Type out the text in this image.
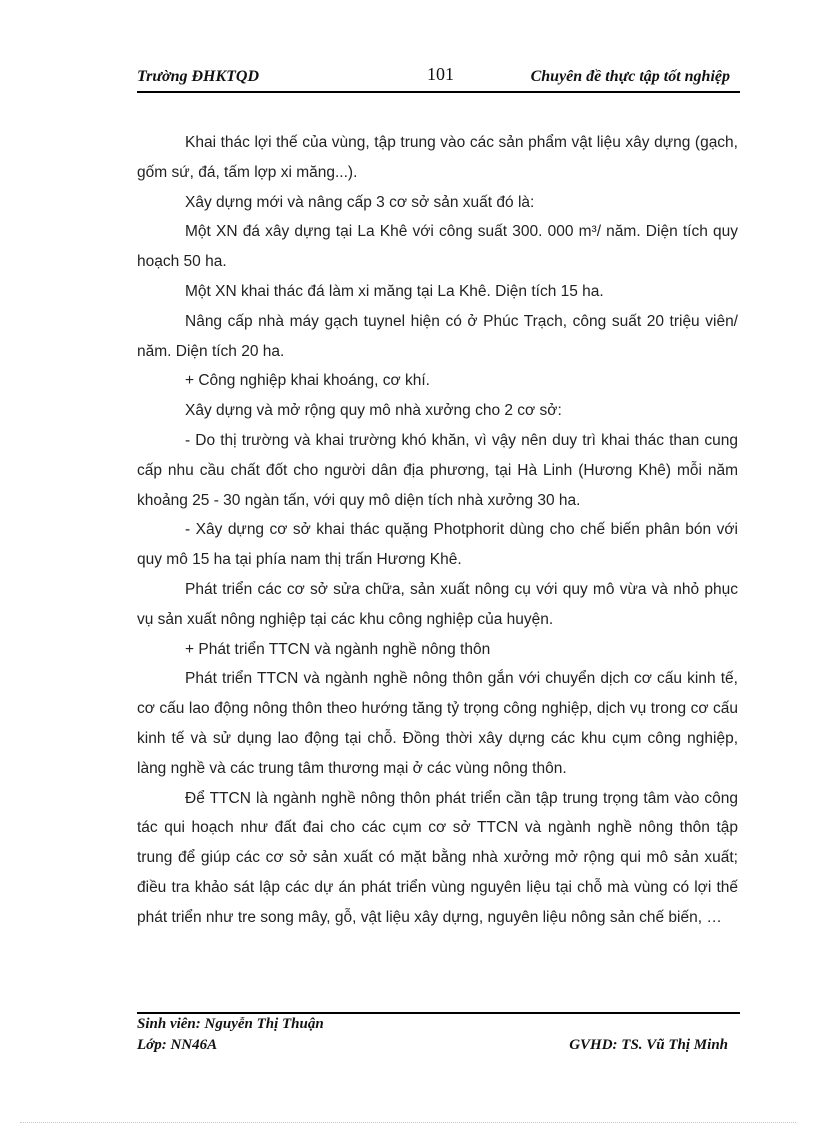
Trường ĐHKTQD	101	Chuyên đề thực tập tốt nghiệp

Khai thác lợi thế của vùng, tập trung vào các sản phẩm vật liệu xây dựng (gạch, gốm sứ, đá, tấm lợp xi măng...).

Xây dựng mới và nâng cấp 3 cơ sở sản xuất đó là:

Một XN đá xây dựng tại La Khê với công suất 300. 000 m³/ năm. Diện tích quy hoạch 50 ha.

Một XN khai thác đá làm xi măng tại La Khê. Diện tích 15 ha.

Nâng cấp nhà máy gạch tuynel hiện có ở Phúc Trạch, công suất 20 triệu viên/ năm. Diện tích 20 ha.

+ Công nghiệp khai khoáng, cơ khí.

Xây dựng và mở rộng quy mô nhà xưởng cho 2 cơ sở:

- Do thị trường và khai trường khó khăn, vì vậy nên duy trì khai thác than cung cấp nhu cầu chất đốt cho người dân địa phương, tại Hà Linh (Hương Khê) mỗi năm khoảng 25 - 30 ngàn tấn, với quy mô diện tích nhà xưởng 30 ha.

- Xây dựng cơ sở khai thác quặng Photphorit dùng cho chế biến phân bón với quy mô 15 ha tại phía nam thị trấn Hương Khê.

Phát triển các cơ sở sửa chữa, sản xuất nông cụ với quy mô vừa và nhỏ phục vụ sản xuất nông nghiệp tại các khu công nghiệp của huyện.

+ Phát triển TTCN và ngành nghề nông thôn

Phát triển TTCN và ngành nghề nông thôn gắn với chuyển dịch cơ cấu kinh tế, cơ cấu lao động nông thôn theo hướng tăng tỷ trọng công nghiệp, dịch vụ trong cơ cấu kinh tế và sử dụng lao động tại chỗ. Đồng thời xây dựng các khu cụm công nghiệp, làng nghề và các trung tâm thương mại ở các vùng nông thôn.

Để TTCN là ngành nghề nông thôn phát triển cần tập trung trọng tâm vào công tác qui hoạch như đất đai cho các cụm cơ sở TTCN và ngành nghề nông thôn tập trung để giúp các cơ sở sản xuất có mặt bằng nhà xưởng mở rộng qui mô sản xuất; điều tra khảo sát lập các dự án phát triển vùng nguyên liệu tại chỗ mà vùng có lợi thế phát triển như tre song mây, gỗ, vật liệu xây dựng, nguyên liệu nông sản chế biến, …

Sinh viên: Nguyễn Thị Thuận
Lớp: NN46A	GVHD: TS. Vũ Thị Minh
